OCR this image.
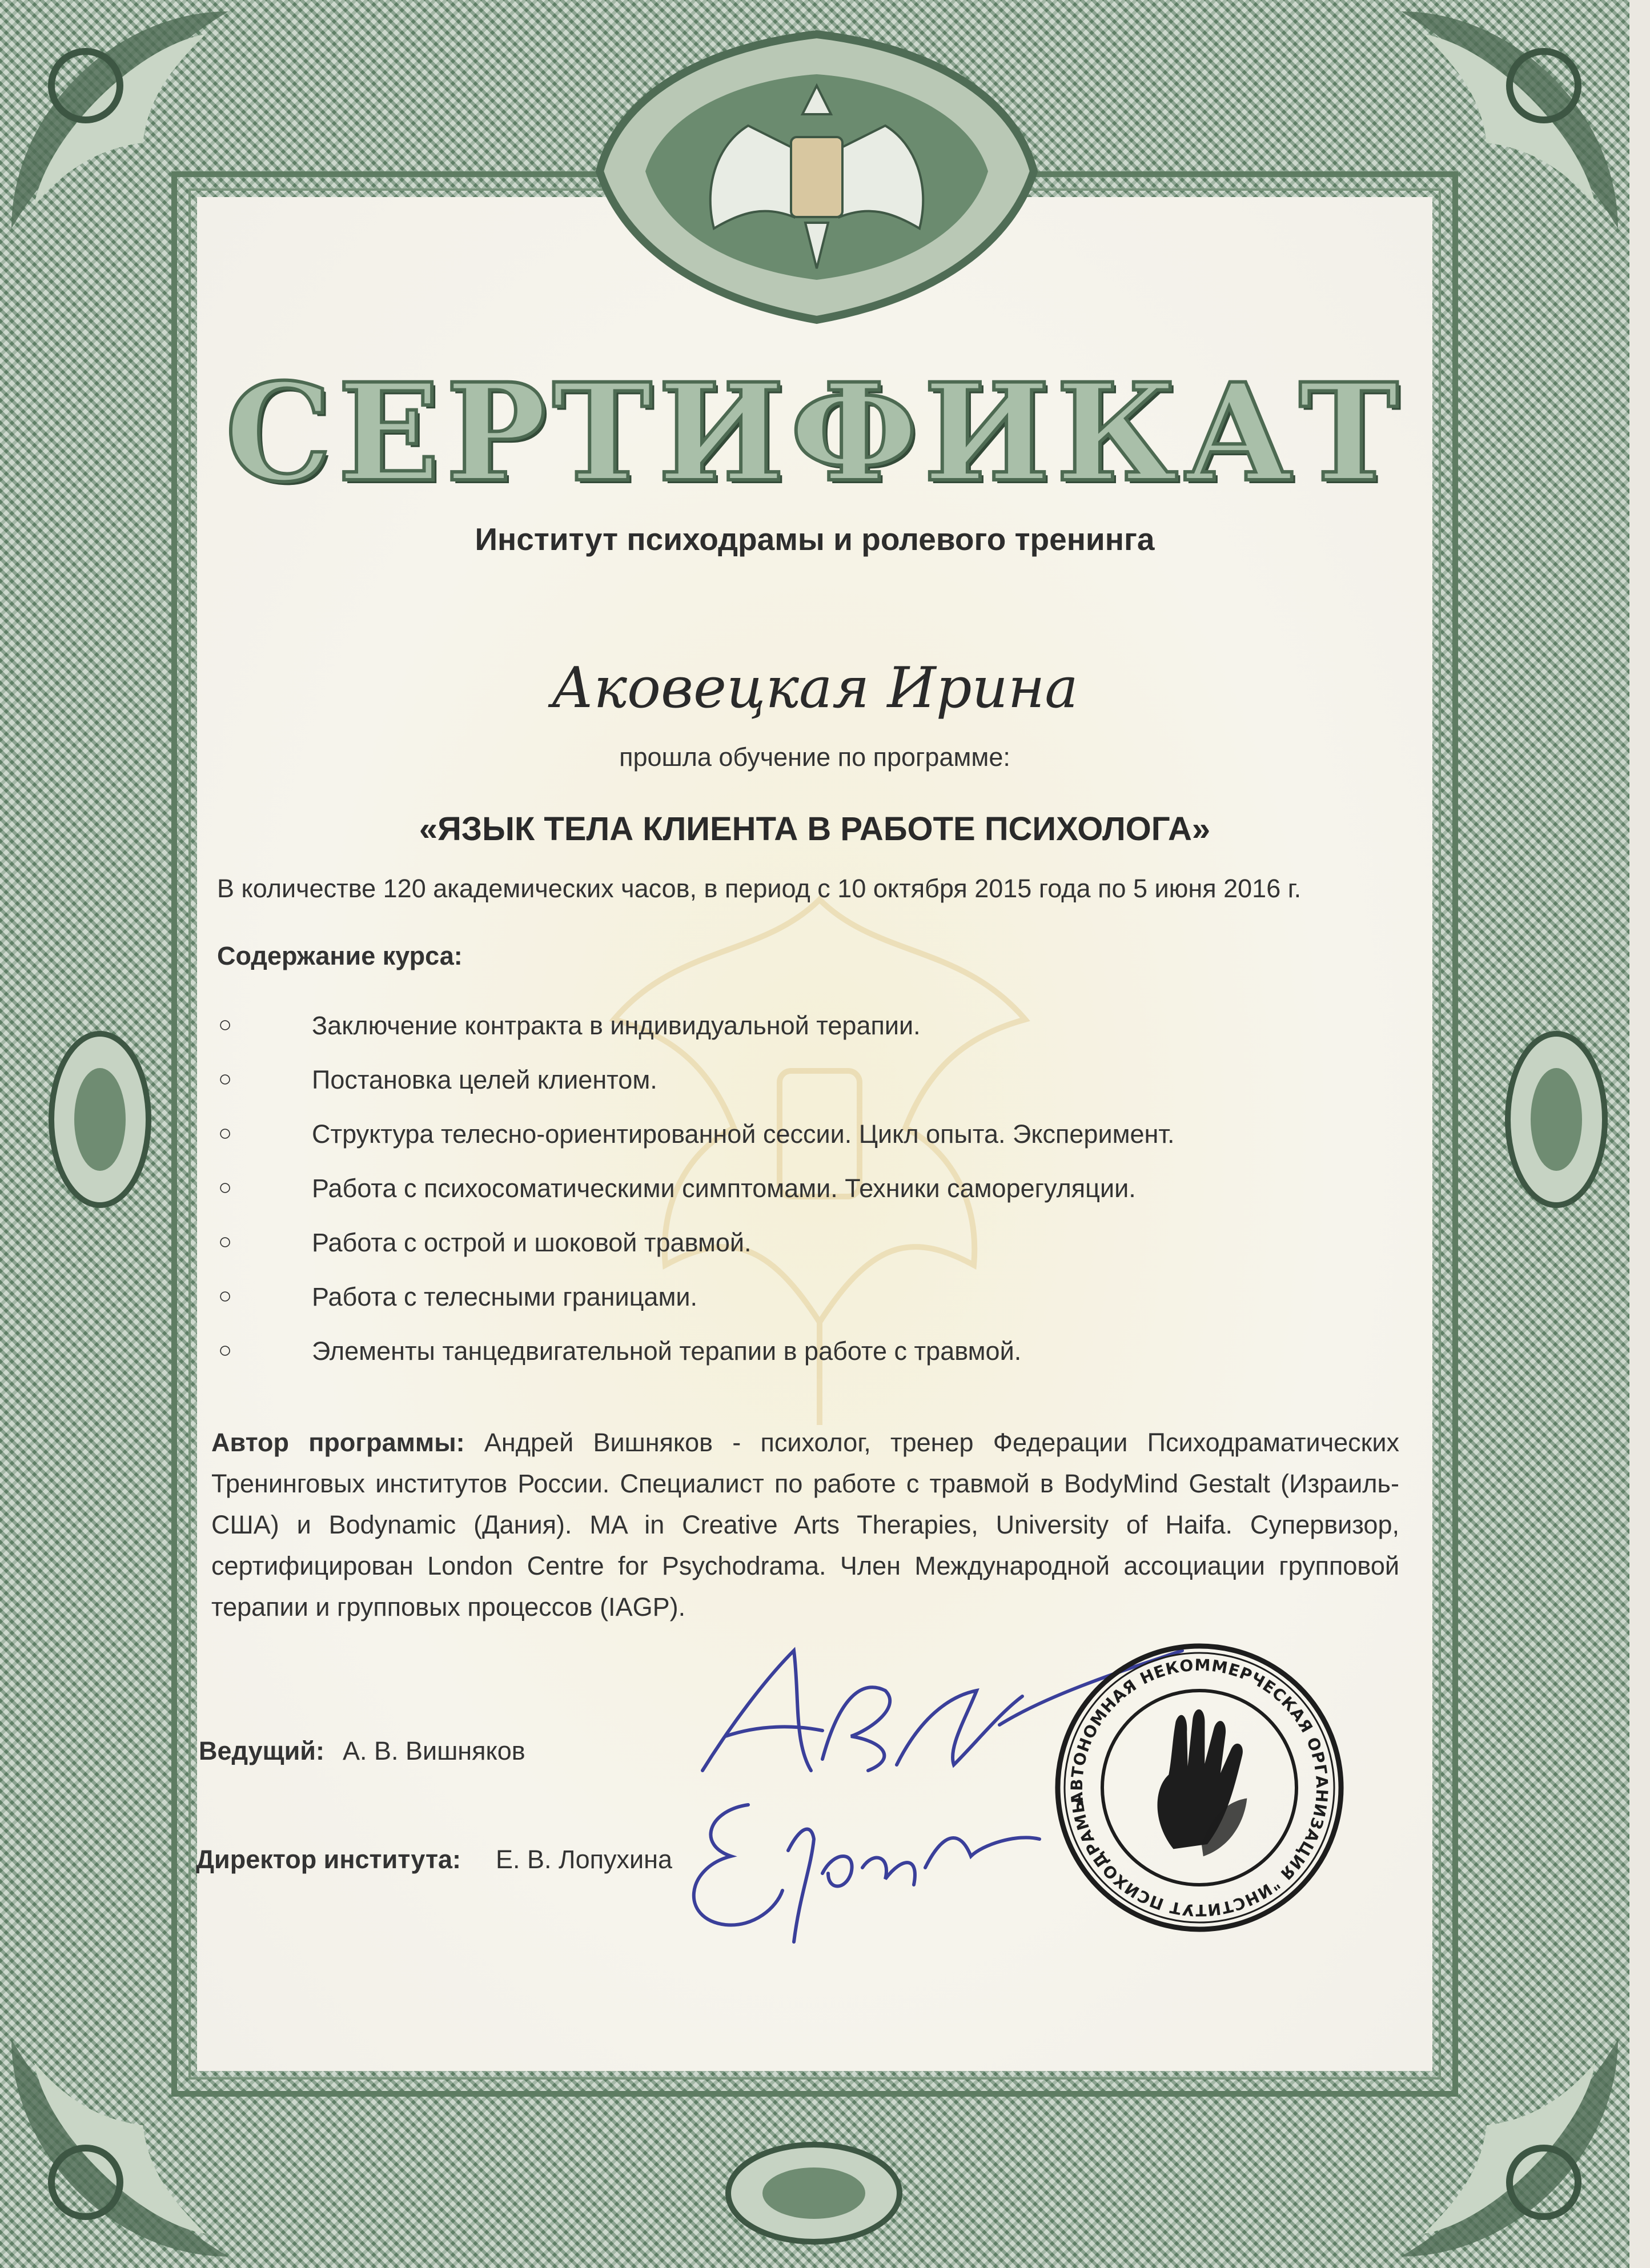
СЕРТИФИКАТ
Институт психодрамы и ролевого тренинга
Аковецкая Ирина
прошла обучение по программе:
«ЯЗЫК ТЕЛА КЛИЕНТА В РАБОТЕ ПСИХОЛОГА»
В количестве 120 академических часов, в период с 10 октября 2015 года по 5 июня 2016 г.
Содержание курса:
○	Заключение контракта в индивидуальной терапии.
○	Постановка целей клиентом.
○	Структура телесно-ориентированной сессии. Цикл опыта. Эксперимент.
○	Работа с психосоматическими симптомами. Техники саморегуляции.
○	Работа с острой и шоковой травмой.
○	Работа с телесными границами.
○	Элементы танцедвигательной терапии в работе с травмой.
Автор программы: Андрей Вишняков - психолог, тренер Федерации Психодраматических Тренинговых институтов России. Специалист по работе с травмой в BodyMind Gestalt (Израиль-США) и Bodynamic (Дания). MA in Creative Arts Therapies, University of Haifa. Супервизор, сертифицирован London Centre for Psychodrama. Член Международной ассоциации групповой терапии и групповых процессов (IAGP).
Ведущий: А. В. Вишняков
Директор института: Е. В. Лопухина
АВТОНОМНАЯ НЕКОММЕРЧЕСКАЯ ОРГАНИЗАЦИЯ "ИНСТИТУТ ПСИХОДРАМЫ
